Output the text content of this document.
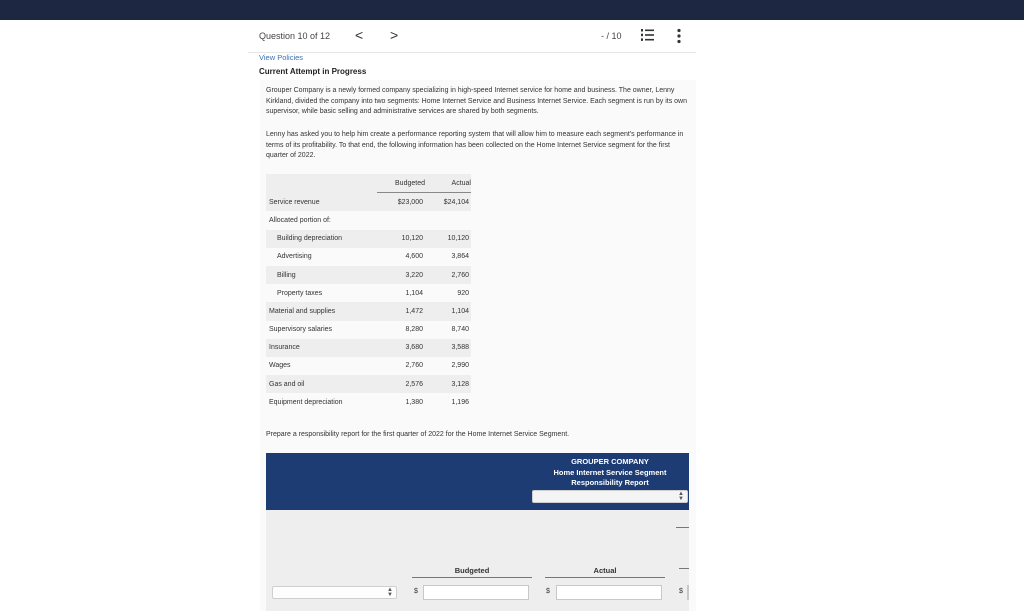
Question 10 of 12 < >	- / 10
View Policies
Current Attempt in Progress

Grouper Company is a newly formed company specializing in high-speed Internet service for home and business. The owner, Lenny Kirkland, divided the company into two segments: Home Internet Service and Business Internet Service. Each segment is run by its own supervisor, while basic selling and administrative services are shared by both segments.

Lenny has asked you to help him create a performance reporting system that will allow him to measure each segment's performance in terms of its profitability. To that end, the following information has been collected on the Home Internet Service segment for the first quarter of 2022.

	Budgeted	Actual
Service revenue	$23,000	$24,104
Allocated portion of:		
Building depreciation	10,120	10,120
Advertising	4,600	3,864
Billing	3,220	2,760
Property taxes	1,104	920
Material and supplies	1,472	1,104
Supervisory salaries	8,280	8,740
Insurance	3,680	3,588
Wages	2,760	2,990
Gas and oil	2,576	3,128
Equipment depreciation	1,380	1,196
Prepare a responsibility report for the first quarter of 2022 for the Home Internet Service Segment.
GROUPER COMPANY
Home Internet Service Segment
Responsibility Report
▲
▼
Budgeted	Actual
▲
▼	$	$	$
